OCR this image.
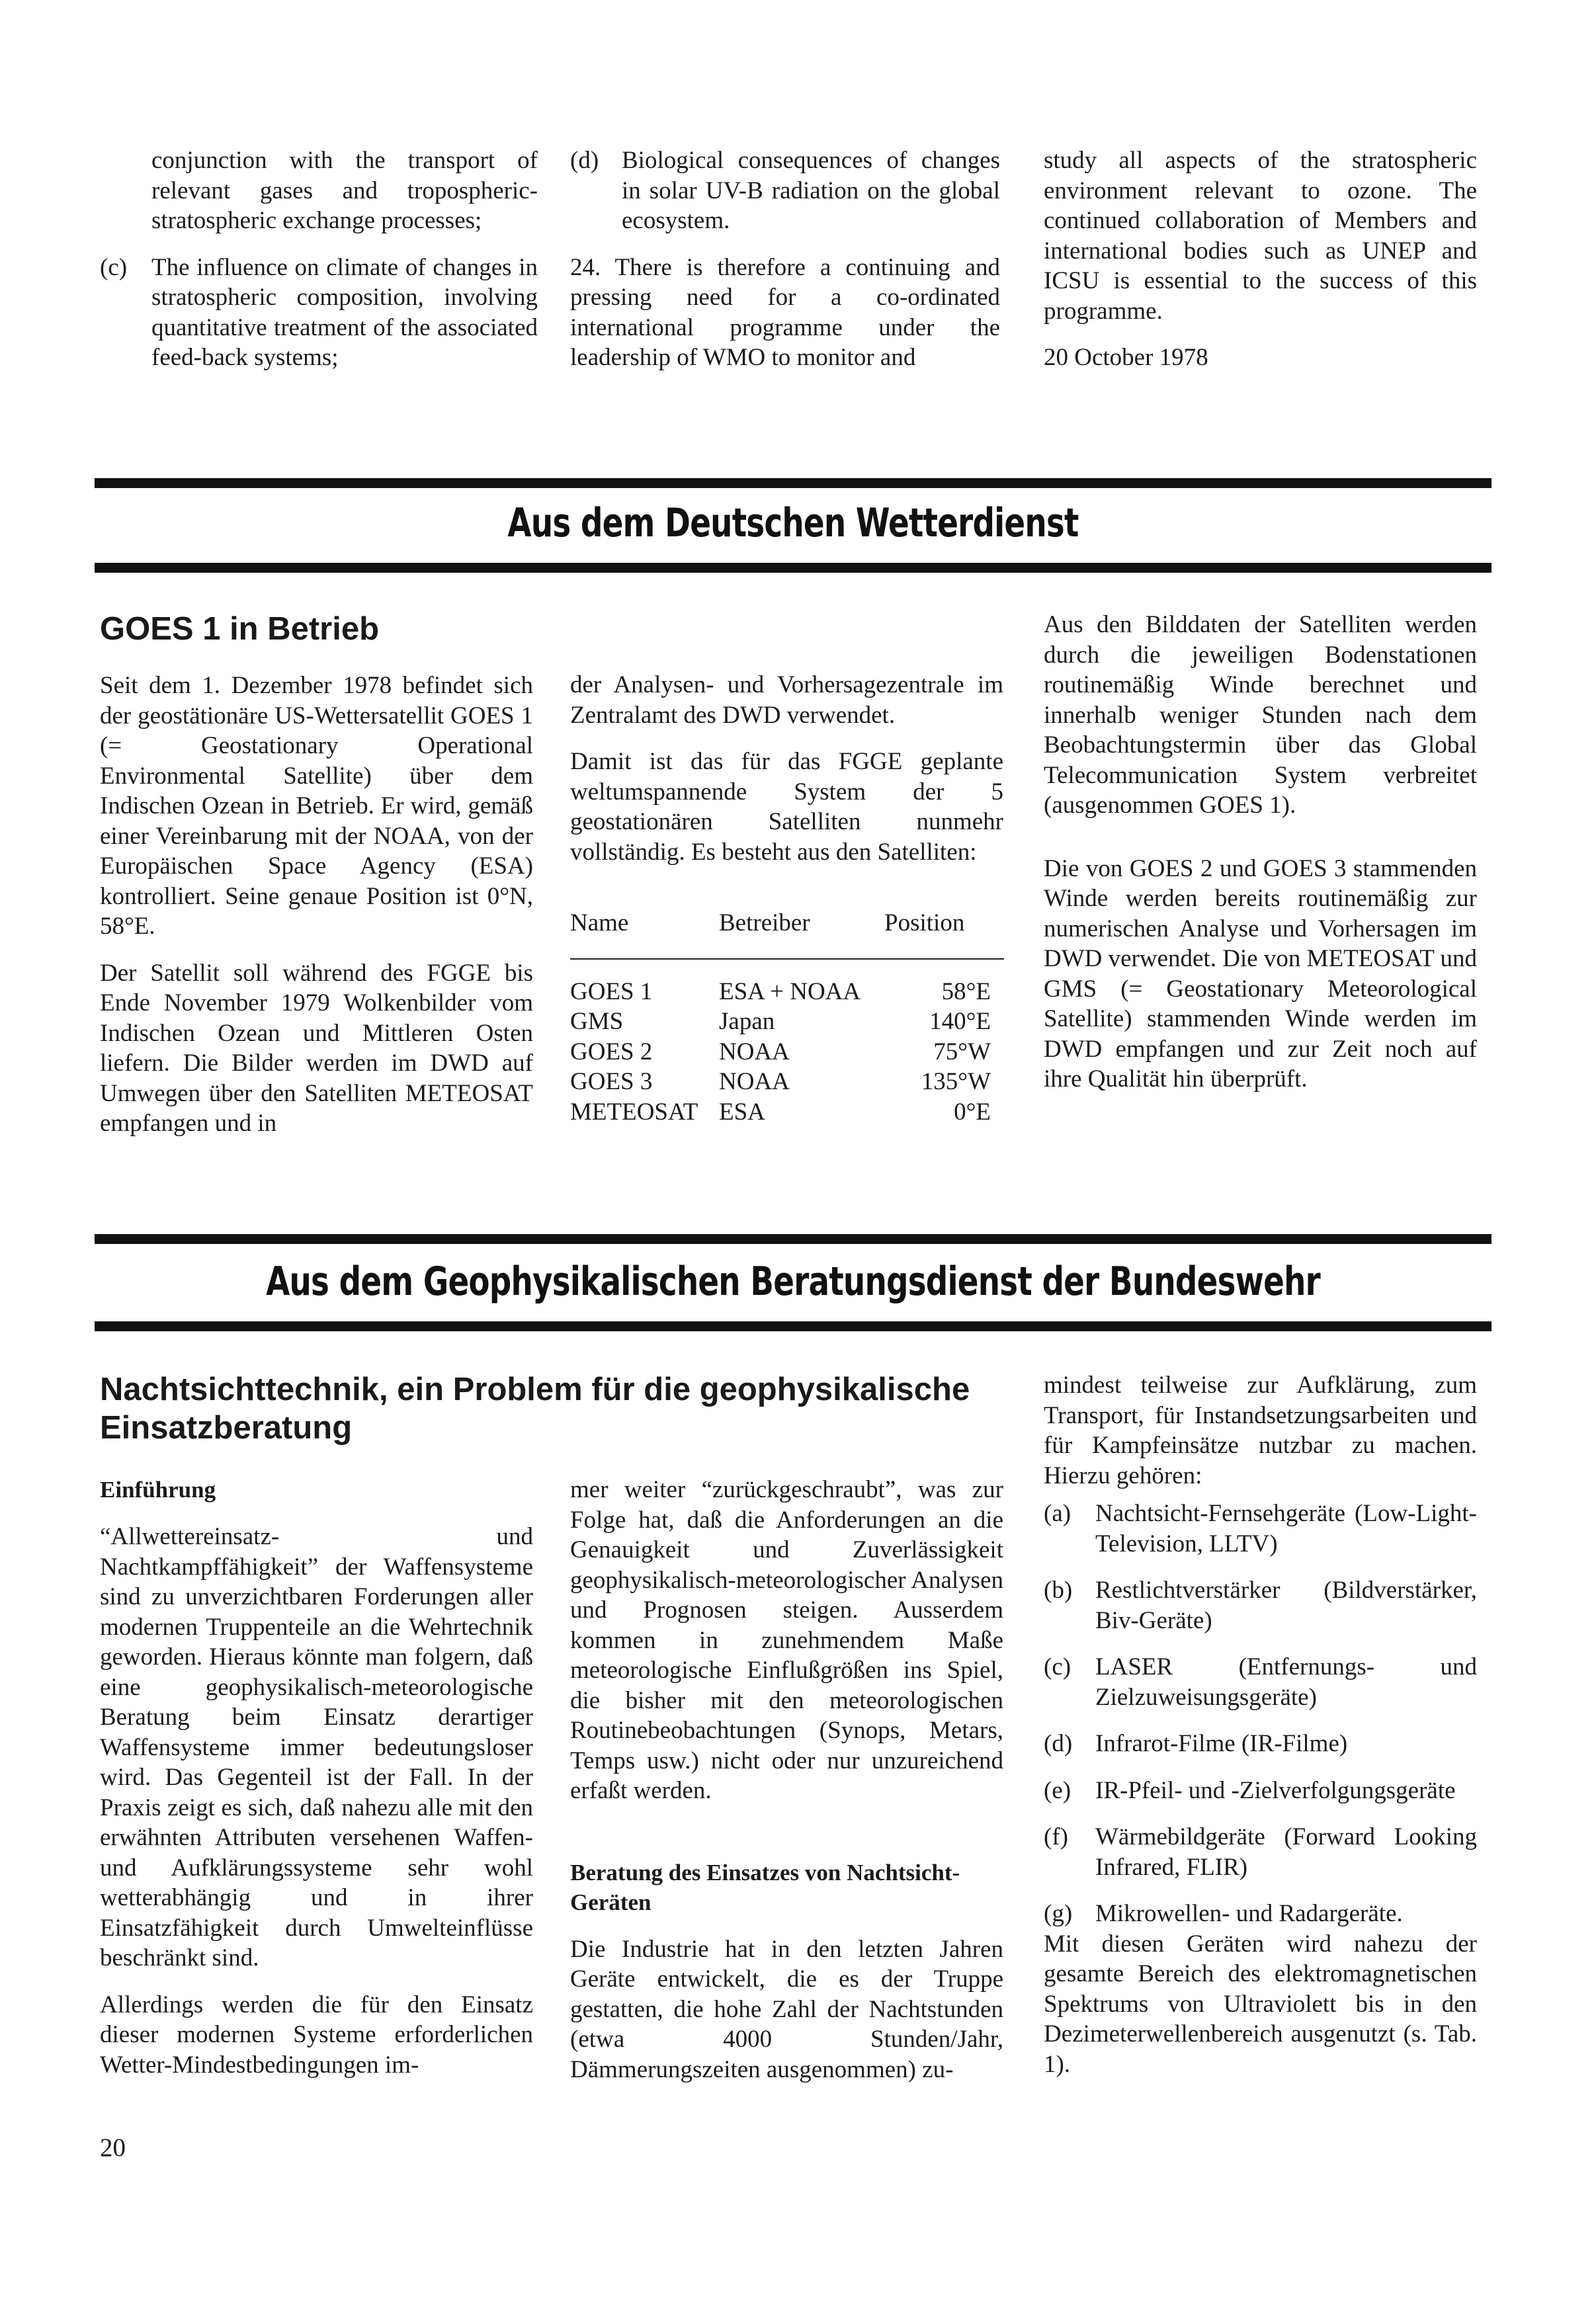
conjunction with the transport of relevant gases and tropospheric-stratospheric exchange processes;

(c) The influence on climate of changes in stratospheric composition, involving quantitative treatment of the associated feed-back systems;

(d) Biological consequences of changes in solar UV-B radiation on the global ecosystem.

24. There is therefore a continuing and pressing need for a co-ordinated international programme under the leadership of WMO to monitor and

study all aspects of the stratospheric environment relevant to ozone. The continued collaboration of Members and international bodies such as UNEP and ICSU is essential to the success of this programme.

20 October 1978

Aus dem Deutschen Wetterdienst
GOES 1 in Betrieb

Seit dem 1. Dezember 1978 befindet sich der geostätionäre US-Wettersatellit GOES 1 (= Geostationary Operational Environmental Satellite) über dem Indischen Ozean in Betrieb. Er wird, gemäß einer Vereinbarung mit der NOAA, von der Europäischen Space Agency (ESA) kontrolliert. Seine genaue Position ist 0°N, 58°E.

Der Satellit soll während des FGGE bis Ende November 1979 Wolkenbilder vom Indischen Ozean und Mittleren Osten liefern. Die Bilder werden im DWD auf Umwegen über den Satelliten METEOSAT empfangen und in

der Analysen- und Vorhersagezentrale im Zentralamt des DWD verwendet.

Damit ist das für das FGGE geplante weltumspannende System der 5 geostationären Satelliten nunmehr vollständig. Es besteht aus den Satelliten:

Name	Betreiber	Position
GOES 1	ESA + NOAA	58°E
GMS	Japan	140°E
GOES 2	NOAA	75°W
GOES 3	NOAA	135°W
METEOSAT	ESA	0°E

Aus den Bilddaten der Satelliten werden durch die jeweiligen Bodenstationen routinemäßig Winde berechnet und innerhalb weniger Stunden nach dem Beobachtungstermin über das Global Telecommunication System verbreitet (ausgenommen GOES 1).

Die von GOES 2 und GOES 3 stammenden Winde werden bereits routinemäßig zur numerischen Analyse und Vorhersagen im DWD verwendet. Die von METEOSAT und GMS (= Geostationary Meteorological Satellite) stammenden Winde werden im DWD empfangen und zur Zeit noch auf ihre Qualität hin überprüft.

Aus dem Geophysikalischen Beratungsdienst der Bundeswehr
Nachtsichttechnik, ein Problem für die geophysikalische Einsatzberatung

Einführung

“Allwettereinsatz- und Nachtkampffähigkeit” der Waffensysteme sind zu unverzichtbaren Forderungen aller modernen Truppenteile an die Wehrtechnik geworden. Hieraus könnte man folgern, daß eine geophysikalisch-meteorologische Beratung beim Einsatz derartiger Waffensysteme immer bedeutungsloser wird. Das Gegenteil ist der Fall. In der Praxis zeigt es sich, daß nahezu alle mit den erwähnten Attributen versehenen Waffen- und Aufklärungssysteme sehr wohl wetterabhängig und in ihrer Einsatzfähigkeit durch Umwelteinflüsse beschränkt sind.

Allerdings werden die für den Einsatz dieser modernen Systeme erforderlichen Wetter-Mindestbedingungen im-

mer weiter “zurückgeschraubt”, was zur Folge hat, daß die Anforderungen an die Genauigkeit und Zuverlässigkeit geophysikalisch-meteorologischer Analysen und Prognosen steigen. Ausserdem kommen in zunehmendem Maße meteorologische Einflußgrößen ins Spiel, die bisher mit den meteorologischen Routinebeobachtungen (Synops, Metars, Temps usw.) nicht oder nur unzureichend erfaßt werden.

Beratung des Einsatzes von Nachtsicht-Geräten

Die Industrie hat in den letzten Jahren Geräte entwickelt, die es der Truppe gestatten, die hohe Zahl der Nachtstunden (etwa 4000 Stunden/Jahr, Dämmerungszeiten ausgenommen) zu-

mindest teilweise zur Aufklärung, zum Transport, für Instandsetzungsarbeiten und für Kampfeinsätze nutzbar zu machen. Hierzu gehören:

(a) Nachtsicht-Fernsehgeräte (Low-Light-Television, LLTV)

(b) Restlichtverstärker (Bildverstärker, Biv-Geräte)

(c) LASER (Entfernungs- und Zielzuweisungsgeräte)

(d) Infrarot-Filme (IR-Filme)

(e) IR-Pfeil- und -Zielverfolgungsgeräte

(f) Wärmebildgeräte (Forward Looking Infrared, FLIR)

(g) Mikrowellen- und Radargeräte.

Mit diesen Geräten wird nahezu der gesamte Bereich des elektromagnetischen Spektrums von Ultraviolett bis in den Dezimeterwellenbereich ausgenutzt (s. Tab. 1).

20
